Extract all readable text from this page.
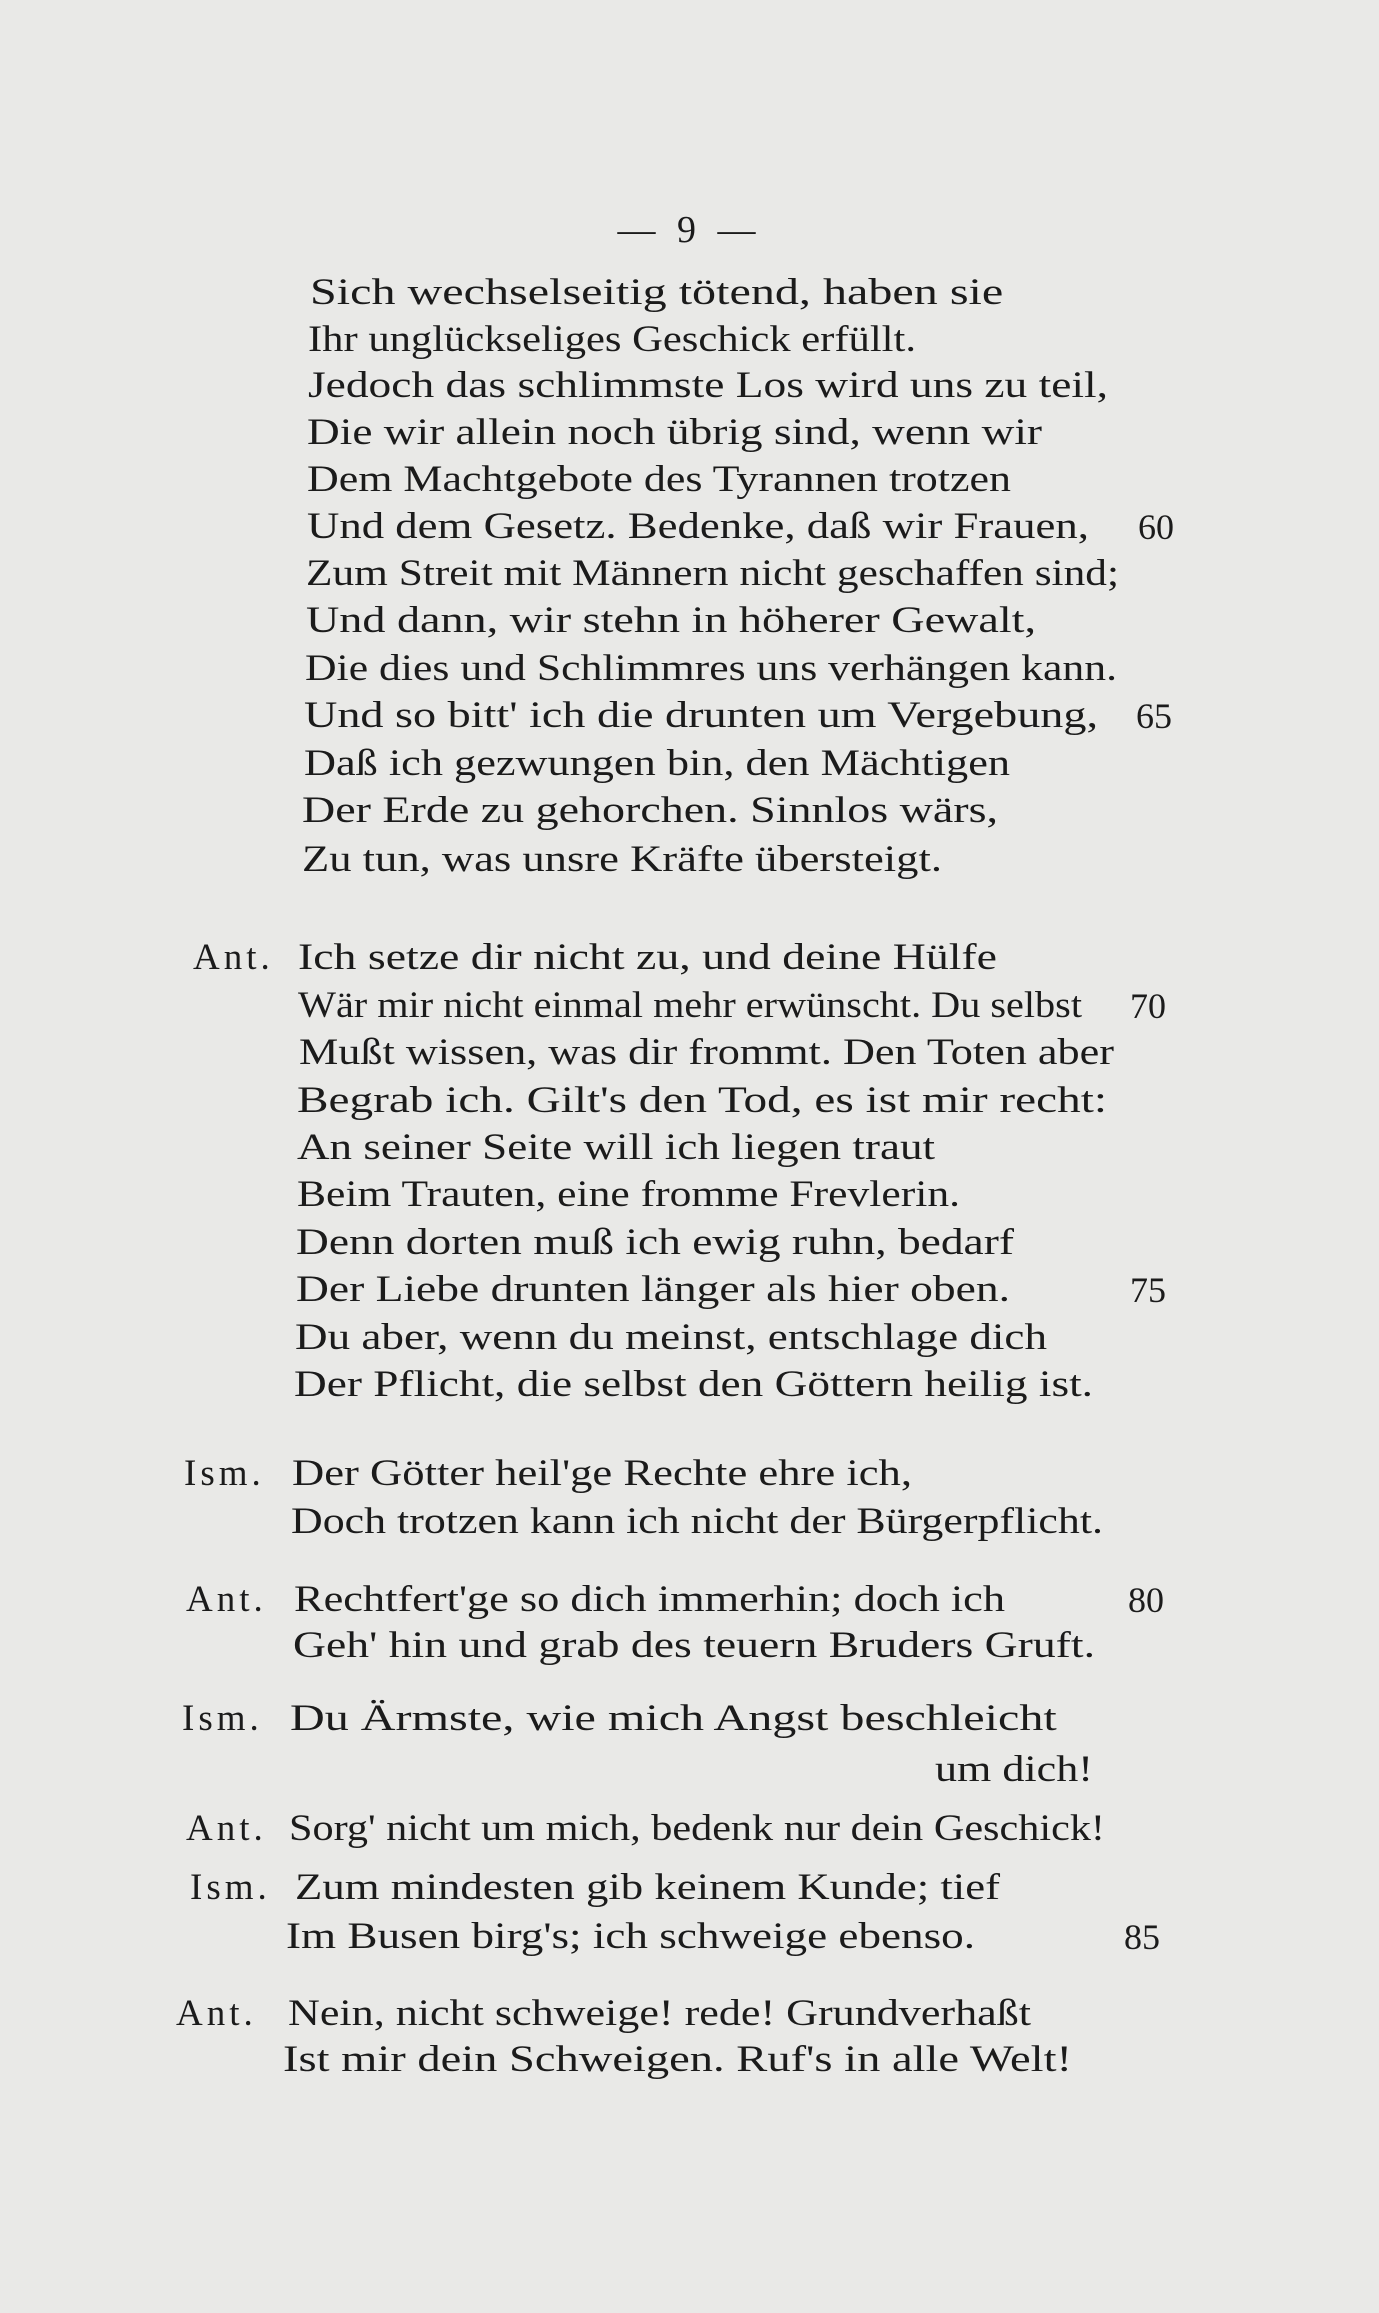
— 9 —
Sich wechselseitig tötend, haben sie
Ihr unglückseliges Geschick erfüllt.
Jedoch das schlimmste Los wird uns zu teil,
Die wir allein noch übrig sind, wenn wir
Dem Machtgebote des Tyrannen trotzen
Und dem Gesetz. Bedenke, daß wir Frauen, 60
Zum Streit mit Männern nicht geschaffen sind;
Und dann, wir stehn in höherer Gewalt,
Die dies und Schlimmres uns verhängen kann.
Und so bitt' ich die drunten um Vergebung, 65
Daß ich gezwungen bin, den Mächtigen
Der Erde zu gehorchen. Sinnlos wärs,
Zu tun, was unsre Kräfte übersteigt.
Ant. Ich setze dir nicht zu, und deine Hülfe
Wär mir nicht einmal mehr erwünscht. Du selbst 70
Mußt wissen, was dir frommt. Den Toten aber
Begrab ich. Gilt's den Tod, es ist mir recht:
An seiner Seite will ich liegen traut
Beim Trauten, eine fromme Frevlerin.
Denn dorten muß ich ewig ruhn, bedarf
Der Liebe drunten länger als hier oben.	75
Du aber, wenn du meinst, entschlage dich
Der Pflicht, die selbst den Göttern heilig ist.
Ism. Der Götter heil'ge Rechte ehre ich,
Doch trotzen kann ich nicht der Bürgerpflicht.
Ant. Rechtfert'ge so dich immerhin; doch ich	80
Geh' hin und grab des teuern Bruders Gruft.
Ism. Du Ärmste, wie mich Angst beschleicht
um dich!
Ant. Sorg' nicht um mich, bedenk nur dein Geschick!
Ism. Zum mindesten gib keinem Kunde; tief
Im Busen birg's; ich schweige ebenso.	85
Ant. Nein, nicht schweige! rede! Grundverhaßt
Ist mir dein Schweigen. Ruf's in alle Welt!
